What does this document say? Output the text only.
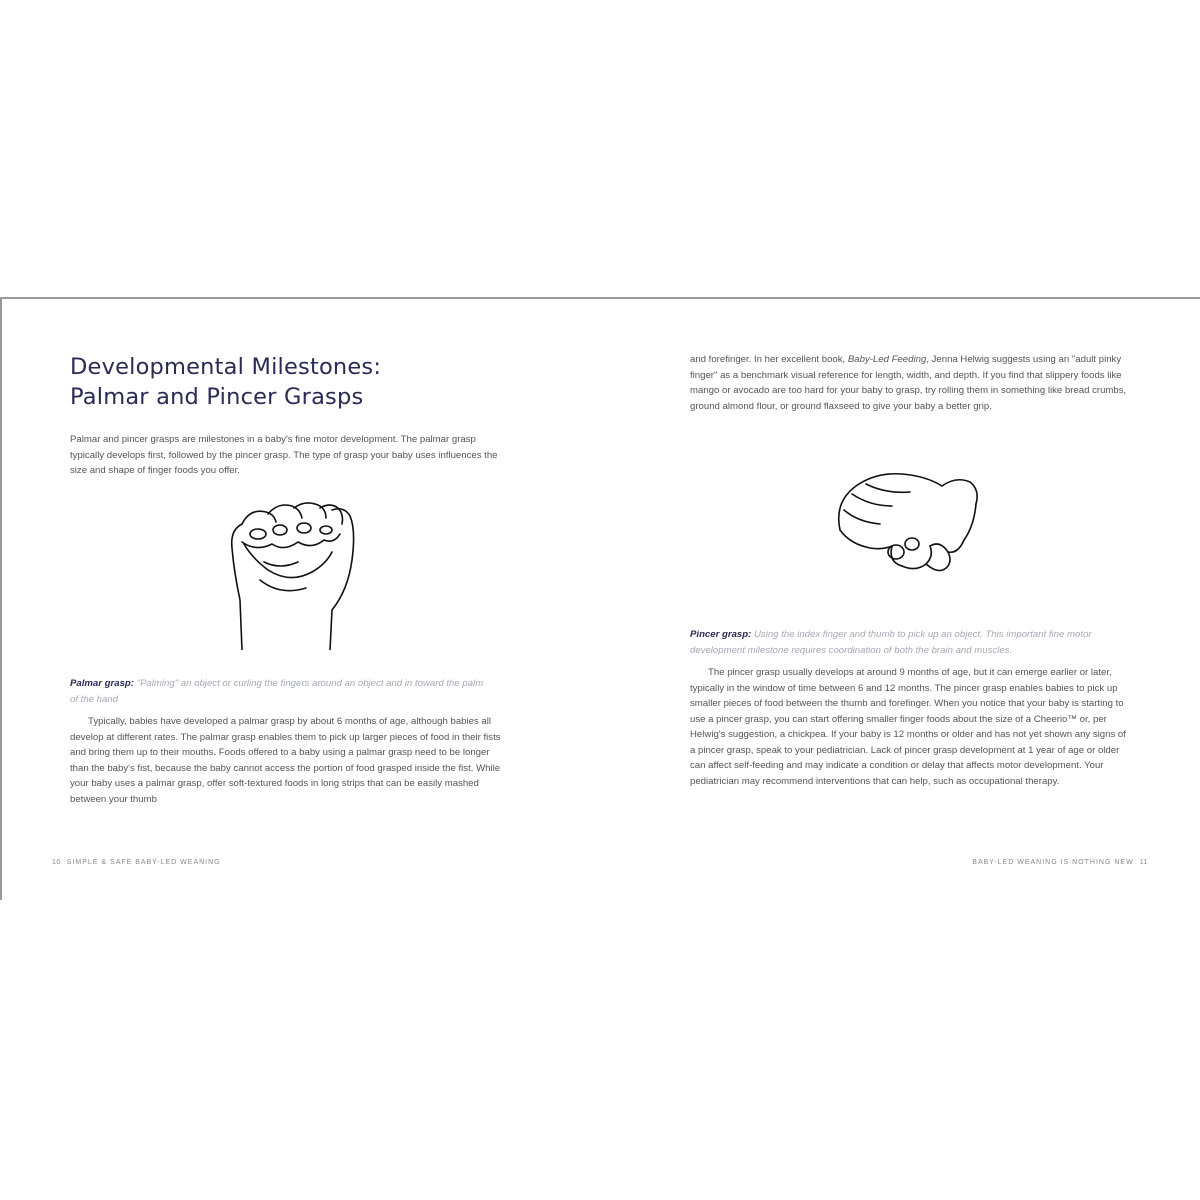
Developmental Milestones:
Palmar and Pincer Grasps

Palmar and pincer grasps are milestones in a baby's fine motor development. The palmar grasp typically develops first, followed by the pincer grasp. The type of grasp your baby uses influences the size and shape of finger foods you offer.

Palmar grasp: "Palming" an object or curling the fingers around an object and in toward the palm of the hand

Typically, babies have developed a palmar grasp by about 6 months of age, although babies all develop at different rates. The palmar grasp enables them to pick up larger pieces of food in their fists and bring them up to their mouths. Foods offered to a baby using a palmar grasp need to be longer than the baby's fist, because the baby cannot access the portion of food grasped inside the fist. While your baby uses a palmar grasp, offer soft-textured foods in long strips that can be easily mashed between your thumb

10 SIMPLE & SAFE BABY-LED WEANING

and forefinger. In her excellent book, Baby-Led Feeding, Jenna Helwig suggests using an "adult pinky finger" as a benchmark visual reference for length, width, and depth. If you find that slippery foods like mango or avocado are too hard for your baby to grasp, try rolling them in something like bread crumbs, ground almond flour, or ground flaxseed to give your baby a better grip.

Pincer grasp: Using the index finger and thumb to pick up an object. This important fine motor development milestone requires coordination of both the brain and muscles.

The pincer grasp usually develops at around 9 months of age, but it can emerge earlier or later, typically in the window of time between 6 and 12 months. The pincer grasp enables babies to pick up smaller pieces of food between the thumb and forefinger. When you notice that your baby is starting to use a pincer grasp, you can start offering smaller finger foods about the size of a Cheerio™ or, per Helwig's suggestion, a chickpea. If your baby is 12 months or older and has not yet shown any signs of a pincer grasp, speak to your pediatrician. Lack of pincer grasp development at 1 year of age or older can affect self-feeding and may indicate a condition or delay that affects motor development. Your pediatrician may recommend interventions that can help, such as occupational therapy.

BABY-LED WEANING IS NOTHING NEW 11
